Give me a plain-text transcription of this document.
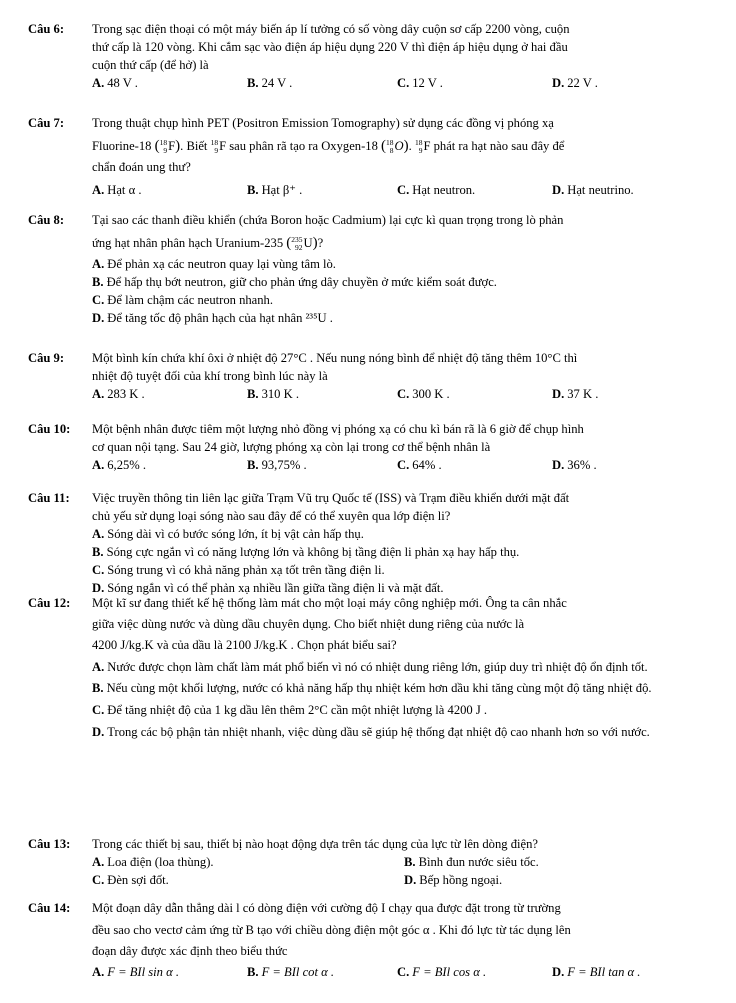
Câu 6:	Trong sạc điện thoại có một máy biến áp lí tưởng có số vòng dây cuộn sơ cấp 2200 vòng, cuộn
thứ cấp là 120 vòng. Khi cắm sạc vào điện áp hiệu dụng 220 V thì điện áp hiệu dụng ở hai đầu
cuộn thứ cấp (để hở) là
A. 48 V .	B. 24 V .	C. 12 V .	D. 22 V .
Câu 7:	Trong thuật chụp hình PET (Positron Emission Tomography) sử dụng các đồng vị phóng xạ
Fluorine-18 ( 18
9 F). Biết 18
9 F sau phân rã tạo ra Oxygen-18 ( 18
8 O). 18
9 F phát ra hạt nào sau đây để
chẩn đoán ung thư?
A. Hạt α .	B. Hạt β⁺ .	C. Hạt neutron.	D. Hạt neutrino.
Câu 8:	Tại sao các thanh điều khiển (chứa Boron hoặc Cadmium) lại cực kì quan trọng trong lò phản
ứng hạt nhân phân hạch Uranium-235 ( 235
92 U)?
A. Để phản xạ các neutron quay lại vùng tâm lò.
B. Để hấp thụ bớt neutron, giữ cho phản ứng dây chuyền ở mức kiểm soát được.
C. Để làm chậm các neutron nhanh.
D. Để tăng tốc độ phân hạch của hạt nhân ²³⁵U .
Câu 9:	Một bình kín chứa khí ôxi ở nhiệt độ 27°C . Nếu nung nóng bình để nhiệt độ tăng thêm 10°C thì
nhiệt độ tuyệt đối của khí trong bình lúc này là
A. 283 K .	B. 310 K .	C. 300 K .	D. 37 K .
Câu 10:	Một bệnh nhân được tiêm một lượng nhỏ đồng vị phóng xạ có chu kì bán rã là 6 giờ để chụp hình
cơ quan nội tạng. Sau 24 giờ, lượng phóng xạ còn lại trong cơ thể bệnh nhân là
A. 6,25% .	B. 93,75% .	C. 64% .	D. 36% .
Câu 11:	Việc truyền thông tin liên lạc giữa Trạm Vũ trụ Quốc tế (ISS) và Trạm điều khiển dưới mặt đất
chủ yếu sử dụng loại sóng nào sau đây để có thể xuyên qua lớp điện li?
A. Sóng dài vì có bước sóng lớn, ít bị vật cản hấp thụ.
B. Sóng cực ngắn vì có năng lượng lớn và không bị tầng điện li phản xạ hay hấp thụ.
C. Sóng trung vì có khả năng phản xạ tốt trên tầng điện li.
D. Sóng ngắn vì có thể phản xạ nhiều lần giữa tầng điện li và mặt đất.
Câu 12:	Một kĩ sư đang thiết kế hệ thống làm mát cho một loại máy công nghiệp mới. Ông ta cân nhắc
giữa việc dùng nước và dùng dầu chuyên dụng. Cho biết nhiệt dung riêng của nước là
4200 J/kg.K và của dầu là 2100 J/kg.K . Chọn phát biểu sai?
A. Nước được chọn làm chất làm mát phổ biến vì nó có nhiệt dung riêng lớn, giúp duy trì nhiệt độ ổn định tốt.
B. Nếu cùng một khối lượng, nước có khả năng hấp thụ nhiệt kém hơn dầu khi tăng cùng một độ tăng nhiệt độ.
C. Để tăng nhiệt độ của 1 kg dầu lên thêm 2°C cần một nhiệt lượng là 4200 J .
D. Trong các bộ phận tản nhiệt nhanh, việc dùng dầu sẽ giúp hệ thống đạt nhiệt độ cao nhanh hơn so với nước.
Câu 13:	Trong các thiết bị sau, thiết bị nào hoạt động dựa trên tác dụng của lực từ lên dòng điện?
A. Loa điện (loa thùng).	B. Bình đun nước siêu tốc.
C. Đèn sợi đốt.	D. Bếp hồng ngoại.
Câu 14:	Một đoạn dây dẫn thẳng dài l có dòng điện với cường độ I chạy qua được đặt trong từ trường
đều sao cho vectơ cảm ứng từ B tạo với chiều dòng điện một góc α . Khi đó lực từ tác dụng lên
đoạn dây được xác định theo biểu thức
A. F = BIl sin α .	B. F = BIl cot α .	C. F = BIl cos α .	D. F = BIl tan α .
